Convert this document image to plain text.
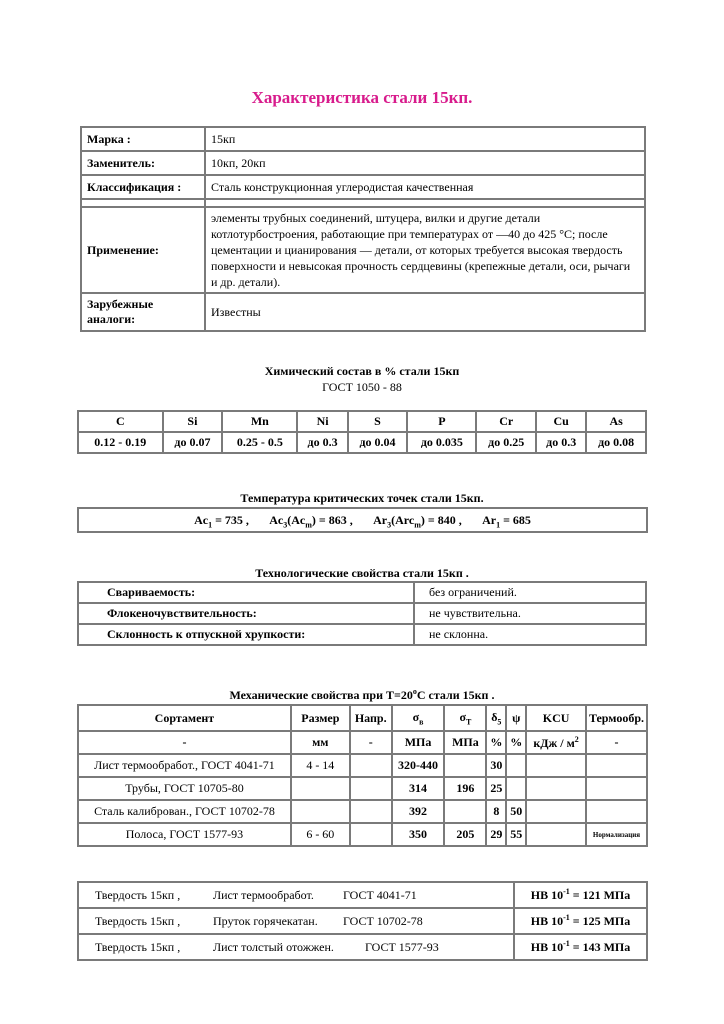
Характеристика стали 15кп.
Марка :	15кп
Заменитель:	10кп, 20кп
Классификация :	Сталь конструкционная углеродистая качественная

Применение:	элементы трубных соединений, штуцера, вилки и другие детали котлотурбостроения, работающие при температурах от —40 до 425 °С; после цементации и цианирования — детали, от которых требуется высокая твердость поверхности и невысокая прочность сердцевины (крепежные детали, оси, рычаги и др. детали).
Зарубежные аналоги:	Известны
Химический состав в % стали 15кп
ГОСТ 1050 - 88
C	Si	Mn	Ni	S	P	Cr	Cu	As
0.12 - 0.19	до 0.07	0.25 - 0.5	до 0.3	до 0.04	до 0.035	до 0.25	до 0.3	до 0.08
Температура критических точек стали 15кп.
$Ac_1 = 735$ , $Ac_3(Ac_m) = 863$ , $Ar_3(Arc_m) = 840$ , $Ar_1 = 685$
Технологические свойства стали 15кп .
Свариваемость:	без ограничений.
Флокеночувствительность:	не чувствительна.
Склонность к отпускной хрупкости:	не склонна.
Механические свойства при $Т=20^oС$ стали 15кп .
Сортамент	Размер	Напр.	$\sigma_в$	$\sigma_T$	$\delta_5$	ψ	KCU	Термообр.
-	мм	-	МПа	МПа	%	%	кДж / $м^2$	-
Лист термообработ., ГОСТ 4041-71	4 - 14		320-440		30			
Трубы, ГОСТ 10705-80			314	196	25			
Сталь калиброван., ГОСТ 10702-78			392		8	50		
Полоса, ГОСТ 1577-93	6 - 60		350	205	29	55		Нормализация
Твердость 15кп , Лист термообработ. ГОСТ 4041-71	НВ $10^{-1} = 121$ МПа
Твердость 15кп , Пруток горячекатан. ГОСТ 10702-78	НВ $10^{-1} = 125$ МПа
Твердость 15кп , Лист толстый отожжен. ГОСТ 1577-93	НВ $10^{-1} = 143$ МПа
